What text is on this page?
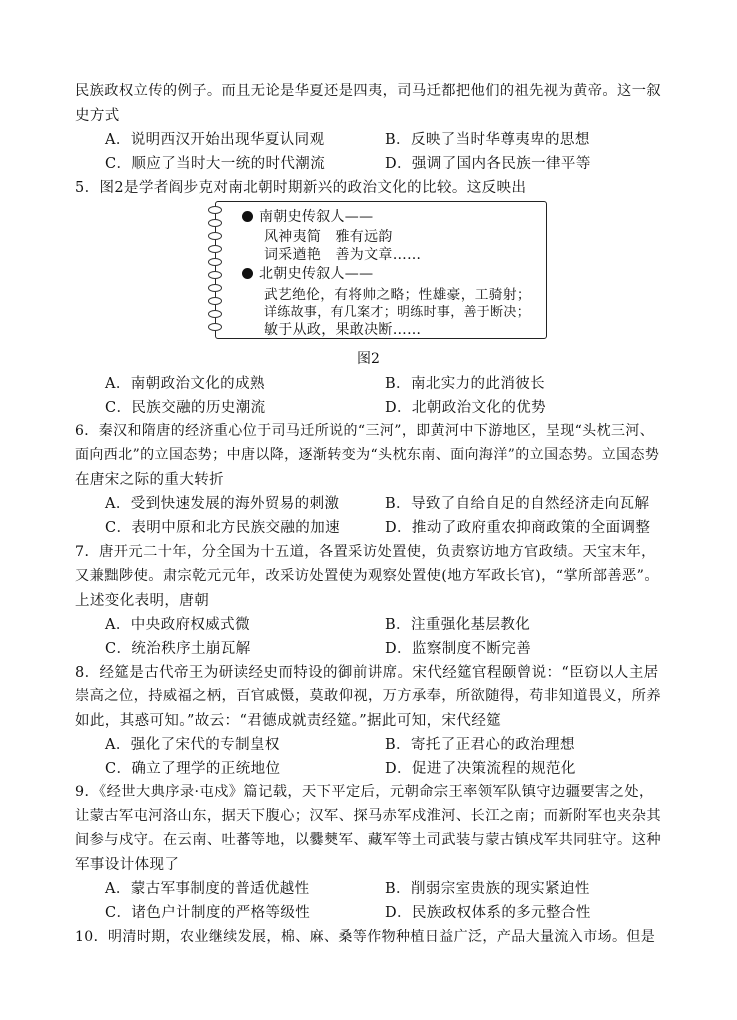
民族政权立传的例子。而且无论是华夏还是四夷，司马迁都把他们的祖先视为黄帝。这一叙
史方式
A．说明西汉开始出现华夏认同观	B．反映了当时华尊夷卑的思想
C．顺应了当时大一统的时代潮流	D．强调了国内各民族一律平等
5．图2是学者阎步克对南北朝时期新兴的政治文化的比较。这反映出
南朝史传叙人——
风神夷简　雅有远韵
词采遒艳　善为文章……
北朝史传叙人——
武艺绝伦，有将帅之略；性雄豪，工骑射；
详练故事，有几案才；明练时事，善于断决；
敏于从政，果敢决断……
图2
A．南朝政治文化的成熟	B．南北实力的此消彼长
C．民族交融的历史潮流	D．北朝政治文化的优势
6．秦汉和隋唐的经济重心位于司马迁所说的“三河”，即黄河中下游地区，呈现“头枕三河、
面向西北”的立国态势；中唐以降，逐渐转变为“头枕东南、面向海洋”的立国态势。立国态势
在唐宋之际的重大转折
A．受到快速发展的海外贸易的刺激	B．导致了自给自足的自然经济走向瓦解
C．表明中原和北方民族交融的加速	D．推动了政府重农抑商政策的全面调整
7．唐开元二十年，分全国为十五道，各置采访处置使，负责察访地方官政绩。天宝末年，
又兼黜陟使。肃宗乾元元年，改采访处置使为观察处置使(地方军政长官)，“掌所部善恶”。
上述变化表明，唐朝
A．中央政府权威式微	B．注重强化基层教化
C．统治秩序土崩瓦解	D．监察制度不断完善
8．经筵是古代帝王为研读经史而特设的御前讲席。宋代经筵官程颐曾说：“臣窃以人主居
崇高之位，持威福之柄，百官戚慑，莫敢仰视，万方承奉，所欲随得，苟非知道畏义，所养
如此，其惑可知。”故云：“君德成就责经筵。”据此可知，宋代经筵
A．强化了宋代的专制皇权	B．寄托了正君心的政治理想
C．确立了理学的正统地位	D．促进了决策流程的规范化
9．《经世大典序录·屯戍》篇记载，天下平定后，元朝命宗王率领军队镇守边疆要害之处，
让蒙古军屯河洛山东，据天下腹心；汉军、探马赤军戍淮河、长江之南；而新附军也夹杂其
间参与戍守。在云南、吐蕃等地，以爨僰军、藏军等土司武装与蒙古镇戍军共同驻守。这种
军事设计体现了
A．蒙古军事制度的普适优越性	B．削弱宗室贵族的现实紧迫性
C．诸色户计制度的严格等级性	D．民族政权体系的多元整合性
10．明清时期，农业继续发展，棉、麻、桑等作物种植日益广泛，产品大量流入市场。但是
